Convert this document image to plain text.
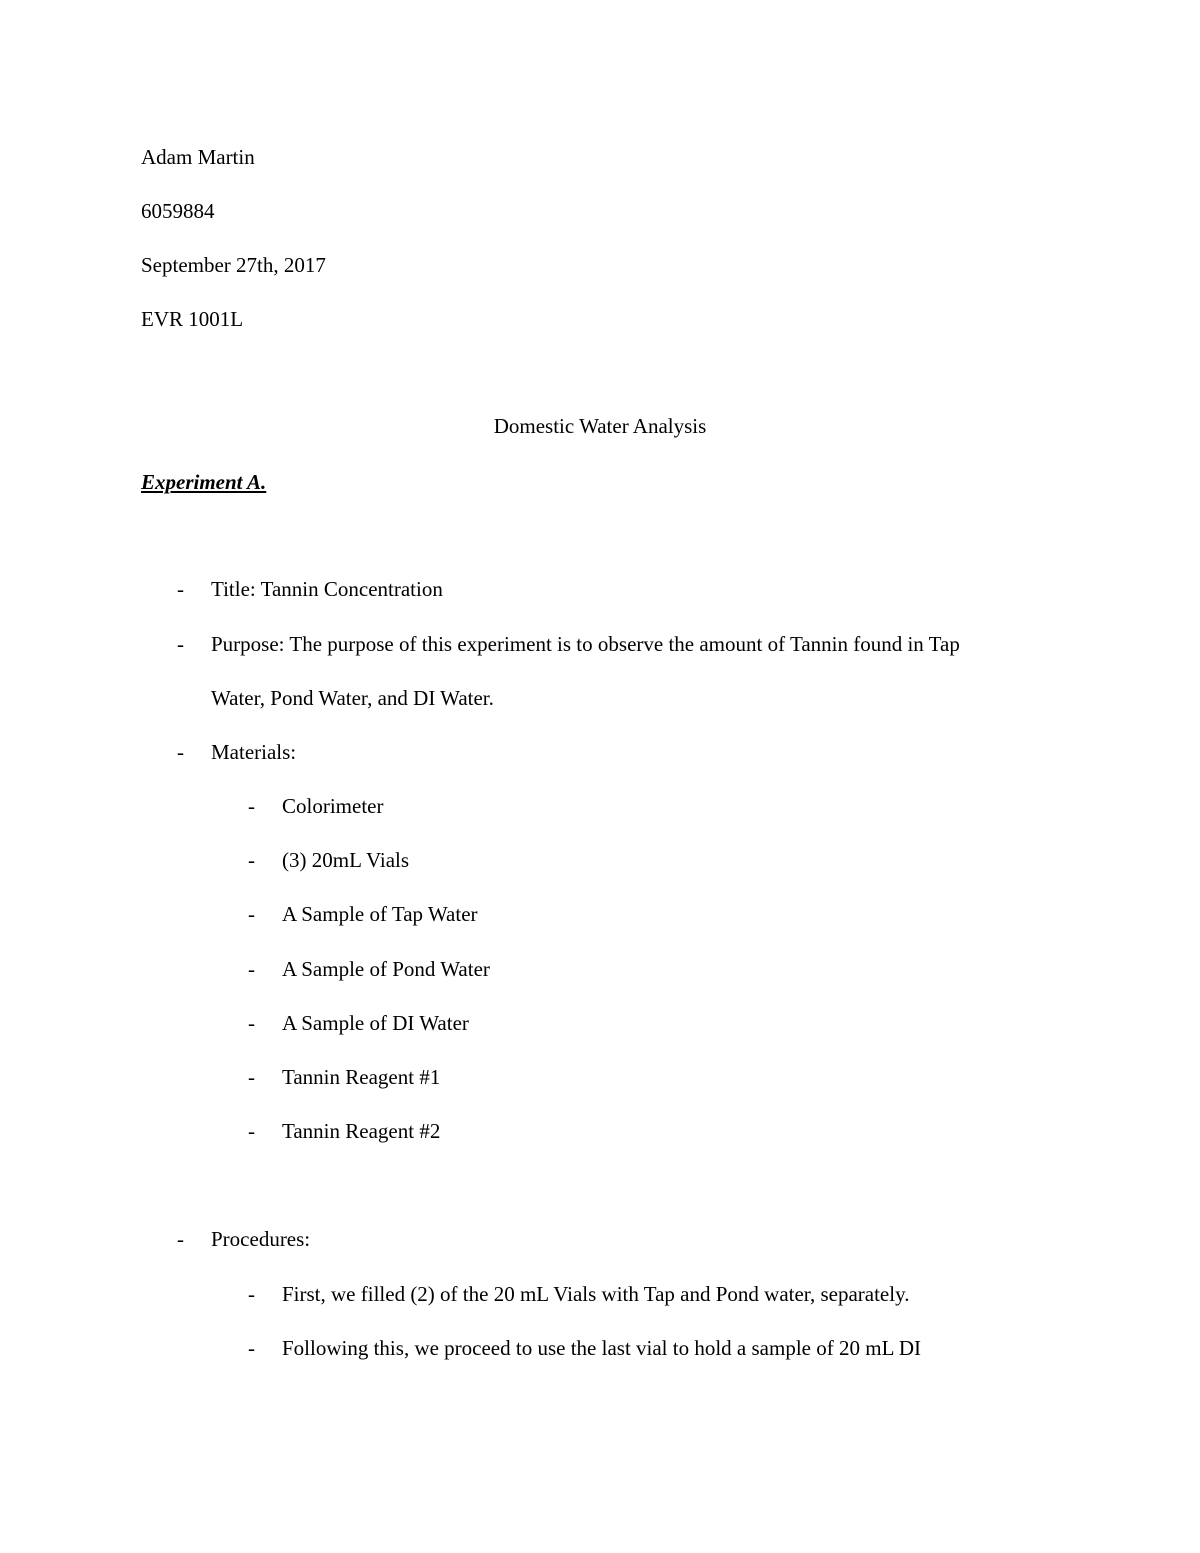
Adam Martin
6059884
September 27th, 2017
EVR 1001L
Domestic Water Analysis
Experiment A.
- Title: Tannin Concentration
- Purpose: The purpose of this experiment is to observe the amount of Tannin found in Tap
Water, Pond Water, and DI Water.
- Materials:
- Colorimeter
- (3) 20mL Vials
- A Sample of Tap Water
- A Sample of Pond Water
- A Sample of DI Water
- Tannin Reagent #1
- Tannin Reagent #2
- Procedures:
- First, we filled (2) of the 20 mL Vials with Tap and Pond water, separately.
- Following this, we proceed to use the last vial to hold a sample of 20 mL DI
